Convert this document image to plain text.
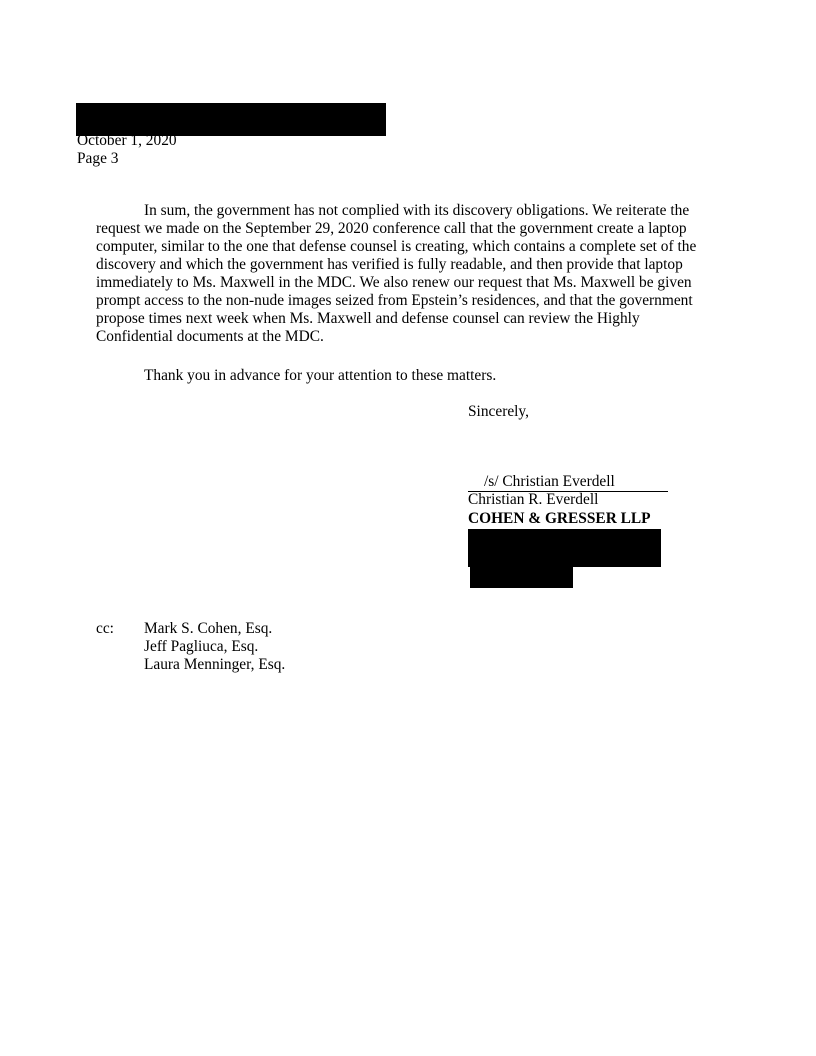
October 1, 2020
Page 3
In sum, the government has not complied with its discovery obligations. We reiterate the
request we made on the September 29, 2020 conference call that the government create a laptop
computer, similar to the one that defense counsel is creating, which contains a complete set of the
discovery and which the government has verified is fully readable, and then provide that laptop
immediately to Ms. Maxwell in the MDC. We also renew our request that Ms. Maxwell be given
prompt access to the non-nude images seized from Epstein’s residences, and that the government
propose times next week when Ms. Maxwell and defense counsel can review the Highly
Confidential documents at the MDC.
Thank you in advance for your attention to these matters.
Sincerely,
/s/ Christian Everdell
Christian R. Everdell
COHEN & GRESSER LLP
cc: Mark S. Cohen, Esq.
Jeff Pagliuca, Esq.
Laura Menninger, Esq.
